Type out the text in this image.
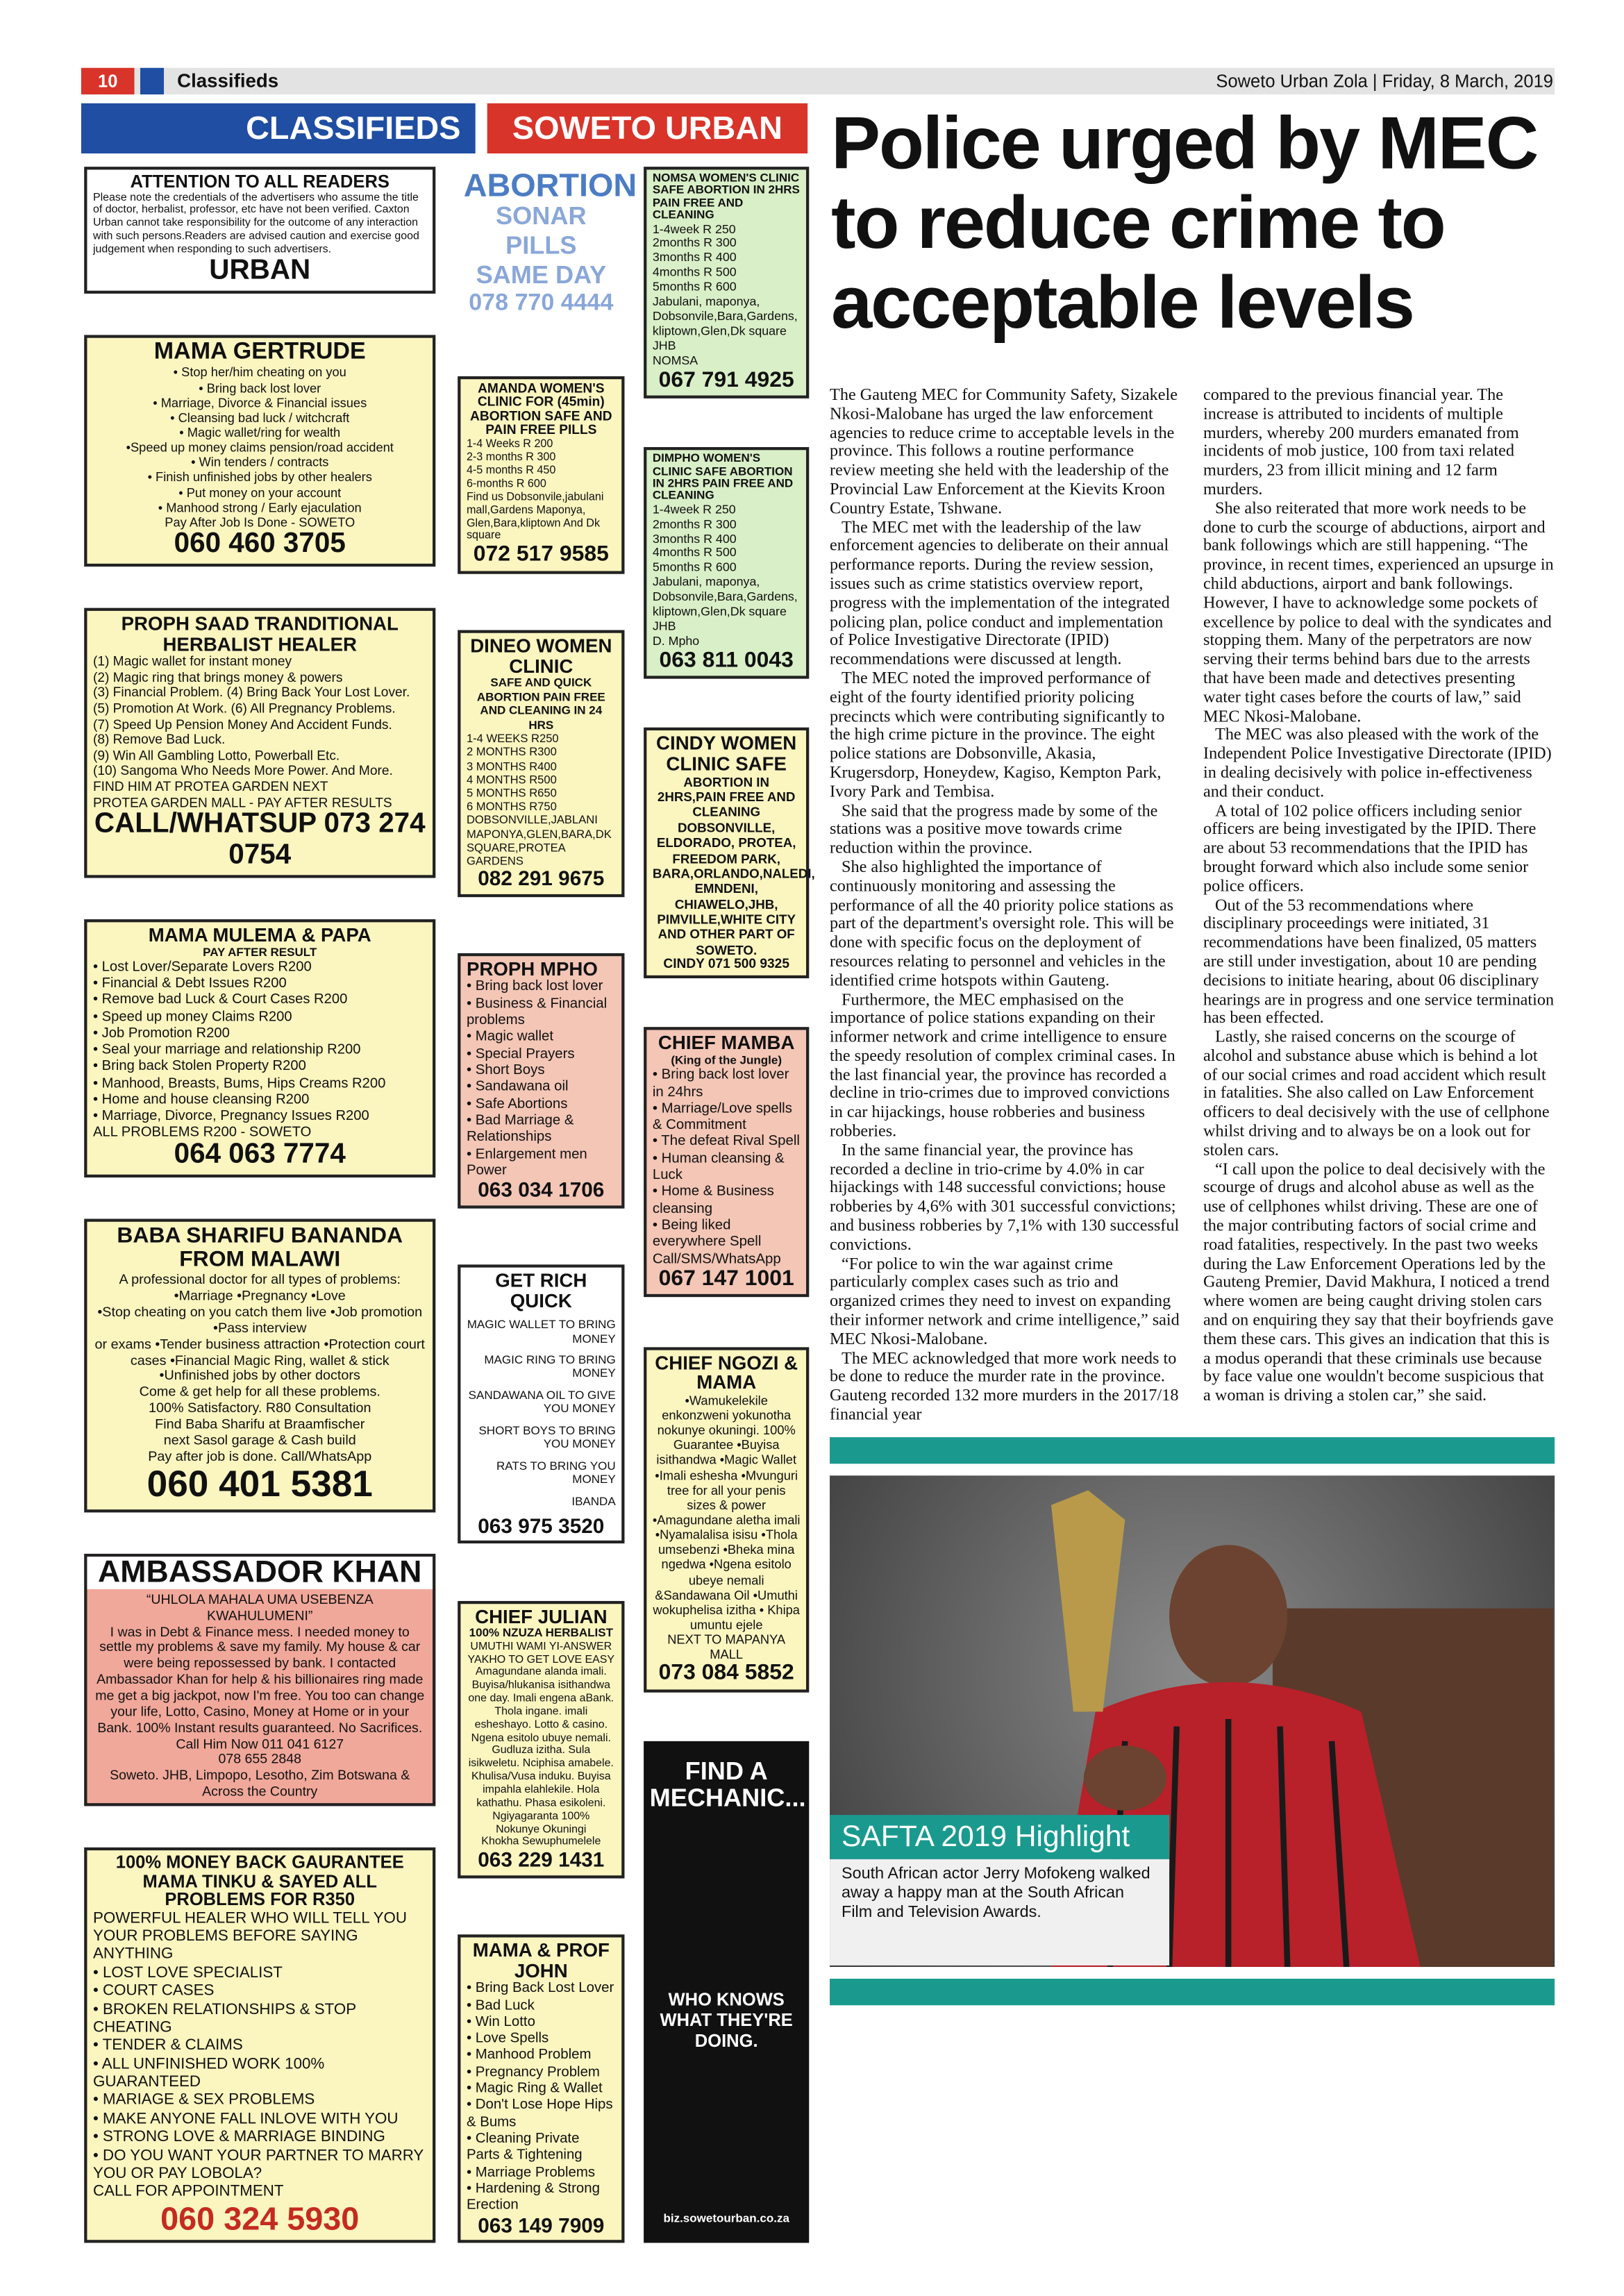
10	Classifieds	Soweto Urban Zola | Friday, 8 March, 2019
CLASSIFIEDS	SOWETO URBAN
ATTENTION TO ALL READERS
Please note the credentials of the advertisers who assume the title of doctor, herbalist, professor, etc have not been verified. Caxton Urban cannot take responsibility for the outcome of any interaction with such persons.Readers are advised caution and exercise good judgement when responding to such advertisers.
URBAN
MAMA GERTRUDE
• Stop her/him cheating on you
• Bring back lost lover
• Marriage, Divorce & Financial issues
• Cleansing bad luck / witchcraft
• Magic wallet/ring for wealth
•Speed up money claims pension/road accident
• Win tenders / contracts
• Finish unfinished jobs by other healers
• Put money on your account
• Manhood strong / Early ejaculation
Pay After Job Is Done - SOWETO
060 460 3705
PROPH SAAD TRANDITIONAL HERBALIST HEALER
(1) Magic wallet for instant money
(2) Magic ring that brings money & powers
(3) Financial Problem. (4) Bring Back Your Lost Lover.
(5) Promotion At Work. (6) All Pregnancy Problems.
(7) Speed Up Pension Money And Accident Funds.
(8) Remove Bad Luck.
(9) Win All Gambling Lotto, Powerball Etc.
(10) Sangoma Who Needs More Power. And More.
FIND HIM AT PROTEA GARDEN NEXT
PROTEA GARDEN MALL - PAY AFTER RESULTS
CALL/WHATSUP 073 274 0754
MAMA MULEMA & PAPA
PAY AFTER RESULT
• Lost Lover/Separate Lovers R200
• Financial & Debt Issues R200
• Remove bad Luck & Court Cases R200
• Speed up money Claims R200
• Job Promotion R200
• Seal your marriage and relationship R200
• Bring back Stolen Property R200
• Manhood, Breasts, Bums, Hips Creams R200
• Home and house cleansing R200
• Marriage, Divorce, Pregnancy Issues R200
ALL PROBLEMS R200 - SOWETO
064 063 7774
BABA SHARIFU BANANDA FROM MALAWI
A professional doctor for all types of problems:
•Marriage •Pregnancy •Love
•Stop cheating on you catch them live •Job promotion •Pass interview
or exams •Tender business attraction •Protection court cases •Financial Magic Ring, wallet & stick
•Unfinished jobs by other doctors
Come & get help for all these problems.
100% Satisfactory. R80 Consultation
Find Baba Sharifu at Braamfischer
next Sasol garage & Cash build
Pay after job is done. Call/WhatsApp
060 401 5381
AMBASSADOR KHAN
“UHLOLA MAHALA UMA USEBENZA KWAHULUMENI”
I was in Debt & Finance mess. I needed money to settle my problems & save my family. My house & car were being repossessed by bank. I contacted Ambassador Khan for help & his billionaires ring made me get a big jackpot, now I'm free. You too can change your life, Lotto, Casino, Money at Home or in your Bank. 100% Instant results guaranteed. No Sacrifices.
Call Him Now 011 041 6127
078 655 2848
Soweto. JHB, Limpopo, Lesotho, Zim Botswana & Across the Country
100% MONEY BACK GAURANTEE MAMA TINKU & SAYED ALL PROBLEMS FOR R350
POWERFUL HEALER WHO WILL TELL YOU YOUR PROBLEMS BEFORE SAYING ANYTHING
• LOST LOVE SPECIALIST
• COURT CASES
• BROKEN RELATIONSHIPS & STOP CHEATING
• TENDER & CLAIMS
• ALL UNFINISHED WORK 100% GUARANTEED
• MARIAGE & SEX PROBLEMS
• MAKE ANYONE FALL INLOVE WITH YOU
• STRONG LOVE & MARRIAGE BINDING
• DO YOU WANT YOUR PARTNER TO MARRY YOU OR PAY LOBOLA?
CALL FOR APPOINTMENT
060 324 5930
ABORTION
SONAR
PILLS
SAME DAY
078 770 4444
AMANDA WOMEN'S CLINIC FOR (45min) ABORTION SAFE AND PAIN FREE PILLS
1-4 Weeks R 200
2-3 months R 300
4-5 months R 450
6-months R 600
Find us Dobsonvile,jabulani mall,Gardens Maponya, Glen,Bara,kliptown And Dk square
072 517 9585
DINEO WOMEN CLINIC
SAFE AND QUICK ABORTION PAIN FREE AND CLEANING IN 24 HRS
1-4 WEEKS R250
2 MONTHS R300
3 MONTHS R400
4 MONTHS R500
5 MONTHS R650
6 MONTHS R750
DOBSONVILLE,JABLANI MAPONYA,GLEN,BARA,DK SQUARE,PROTEA GARDENS
082 291 9675
PROPH MPHO
• Bring back lost lover
• Business & Financial problems
• Magic wallet
• Special Prayers
• Short Boys
• Sandawana oil
• Safe Abortions
• Bad Marriage & Relationships
• Enlargement men Power
063 034 1706
GET RICH QUICK
MAGIC WALLET TO BRING MONEY
MAGIC RING TO BRING MONEY
SANDAWANA OIL TO GIVE YOU MONEY
SHORT BOYS TO BRING YOU MONEY
RATS TO BRING YOU MONEY
IBANDA
063 975 3520
CHIEF JULIAN
100% NZUZA HERBALIST
UMUTHI WAMI YI-ANSWER YAKHO TO GET LOVE EASY
Amagundane alanda imali. Buyisa/hlukanisa isithandwa one day. Imali engena aBank. Thola ingane. imali esheshayo. Lotto & casino. Ngena esitolo ubuye nemali. Gudluza izitha. Sula isikweletu. Nciphisa amabele. Khulisa/Vusa induku. Buyisa impahla elahlekile. Hola kathathu. Phasa esikoleni.
Ngiyagaranta 100%
Nokunye Okuningi
Khokha Sewuphumelele
063 229 1431
MAMA & PROF JOHN
• Bring Back Lost Lover
• Bad Luck
• Win Lotto
• Love Spells
• Manhood Problem
• Pregnancy Problem
• Magic Ring & Wallet
• Don't Lose Hope Hips & Bums
• Cleaning Private Parts & Tightening
• Marriage Problems
• Hardening & Strong Erection
063 149 7909
NOMSA WOMEN'S CLINIC SAFE ABORTION IN 2HRS PAIN FREE AND CLEANING
1-4week R 250
2months R 300
3months R 400
4months R 500
5months R 600
Jabulani, maponya, Dobsonvile,Bara,Gardens, kliptown,Glen,Dk square JHB
NOMSA
067 791 4925
DIMPHO WOMEN'S CLINIC SAFE ABORTION IN 2HRS PAIN FREE AND CLEANING
1-4week R 250
2months R 300
3months R 400
4months R 500
5months R 600
Jabulani, maponya, Dobsonvile,Bara,Gardens, kliptown,Glen,Dk square JHB
D. Mpho
063 811 0043
CINDY WOMEN CLINIC SAFE
ABORTION IN 2HRS,PAIN FREE AND CLEANING
DOBSONVILLE, ELDORADO, PROTEA, FREEDOM PARK, BARA,ORLANDO,NALEDI, EMNDENI, CHIAWELO,JHB, PIMVILLE,WHITE CITY AND OTHER PART OF SOWETO.
CINDY 071 500 9325
CHIEF MAMBA
(King of the Jungle)
• Bring back lost lover in 24hrs
• Marriage/Love spells & Commitment
• The defeat Rival Spell
• Human cleansing & Luck
• Home & Business cleansing
• Being liked everywhere Spell
Call/SMS/WhatsApp
067 147 1001
CHIEF NGOZI & MAMA
•Wamukelekile enkonzweni yokunotha nokunye okuningi. 100% Guarantee •Buyisa isithandwa •Magic Wallet •Imali eshesha •Mvunguri tree for all your penis sizes & power •Amagundane aletha imali •Nyamalalisa isisu •Thola umsebenzi •Bheka mina ngedwa •Ngena esitolo ubeye nemali &Sandawana Oil •Umuthi wokuphelisa izitha • Khipa umuntu ejele
NEXT TO MAPANYA MALL
073 084 5852
FIND A MECHANIC...
WHO KNOWS WHAT THEY'RE DOING.
biz.sowetourban.co.za
Police urged by MEC to reduce crime to acceptable levels

The Gauteng MEC for Community Safety, Sizakele Nkosi-Malobane has urged the law enforcement agencies to reduce crime to acceptable levels in the province. This follows a routine performance review meeting she held with the leadership of the Provincial Law Enforcement at the Kievits Kroon Country Estate, Tshwane.

The MEC met with the leadership of the law enforcement agencies to deliberate on their annual performance reports. During the review session, issues such as crime statistics overview report, progress with the implementation of the integrated policing plan, police conduct and implementation of Police Investigative Directorate (IPID) recommendations were discussed at length.

The MEC noted the improved performance of eight of the fourty identified priority policing precincts which were contributing significantly to the high crime picture in the province. The eight police stations are Dobsonville, Akasia, Krugersdorp, Honeydew, Kagiso, Kempton Park, Ivory Park and Tembisa.

She said that the progress made by some of the stations was a positive move towards crime reduction within the province.

She also highlighted the importance of continuously monitoring and assessing the performance of all the 40 priority police stations as part of the department's oversight role. This will be done with specific focus on the deployment of resources relating to personnel and vehicles in the identified crime hotspots within Gauteng.

Furthermore, the MEC emphasised on the importance of police stations expanding on their informer network and crime intelligence to ensure the speedy resolution of complex criminal cases. In the last financial year, the province has recorded a decline in trio-crimes due to improved convictions in car hijackings, house robberies and business robberies.

In the same financial year, the province has recorded a decline in trio-crime by 4.0% in car hijackings with 148 successful convictions; house robberies by 4,6% with 301 successful convictions; and business robberies by 7,1% with 130 successful convictions.

“For police to win the war against crime particularly complex cases such as trio and organized crimes they need to invest on expanding their informer network and crime intelligence,” said MEC Nkosi-Malobane.

The MEC acknowledged that more work needs to be done to reduce the murder rate in the province. Gauteng recorded 132 more murders in the 2017/18 financial year

compared to the previous financial year. The increase is attributed to incidents of multiple murders, whereby 200 murders emanated from incidents of mob justice, 100 from taxi related murders, 23 from illicit mining and 12 farm murders.

She also reiterated that more work needs to be done to curb the scourge of abductions, airport and bank followings which are still happening. “The province, in recent times, experienced an upsurge in child abductions, airport and bank followings. However, I have to acknowledge some pockets of excellence by police to deal with the syndicates and stopping them. Many of the perpetrators are now serving their terms behind bars due to the arrests that have been made and detectives presenting water tight cases before the courts of law,” said MEC Nkosi-Malobane.

The MEC was also pleased with the work of the Independent Police Investigative Directorate (IPID) in dealing decisively with police in-effectiveness and their conduct.

A total of 102 police officers including senior officers are being investigated by the IPID. There are about 53 recommendations that the IPID has brought forward which also include some senior police officers.

Out of the 53 recommendations where disciplinary proceedings were initiated, 31 recommendations have been finalized, 05 matters are still under investigation, about 10 are pending decisions to initiate hearing, about 06 disciplinary hearings are in progress and one service termination has been effected.

Lastly, she raised concerns on the scourge of alcohol and substance abuse which is behind a lot of our social crimes and road accident which result in fatalities. She also called on Law Enforcement officers to deal decisively with the use of cellphone whilst driving and to always be on a look out for stolen cars.

“I call upon the police to deal decisively with the scourge of drugs and alcohol abuse as well as the use of cellphones whilst driving. These are one of the major contributing factors of social crime and road fatalities, respectively. In the past two weeks during the Law Enforcement Operations led by the Gauteng Premier, David Makhura, I noticed a trend where women are being caught driving stolen cars and on enquiring they say that their boyfriends gave them these cars. This gives an indication that this is a modus operandi that these criminals use because by face value one wouldn't become suspicious that a woman is driving a stolen car,” she said.

SAFTA 2019 Highlight
South African actor Jerry Mofokeng walked away a happy man at the South African Film and Television Awards.
